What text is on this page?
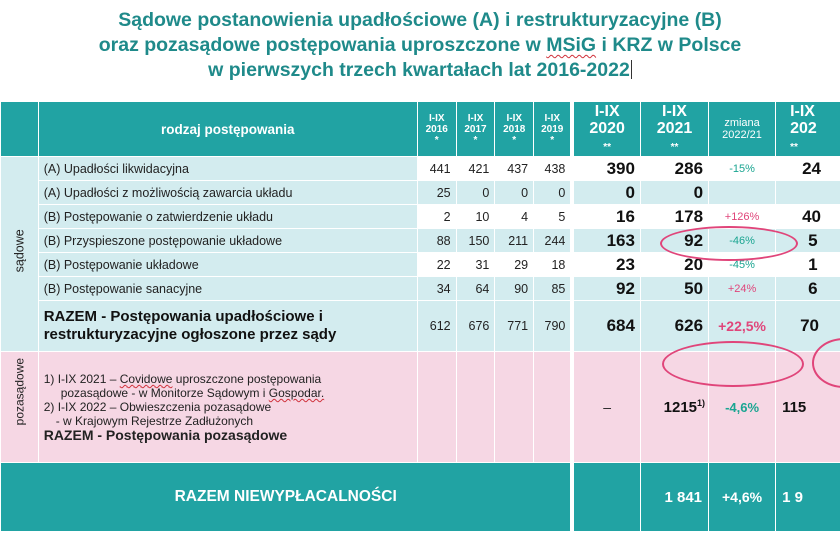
Sądowe postanowienia upadłościowe (A) i restrukturyzacyjne (B)
oraz pozasądowe postępowania uproszczone w MSiG i KRZ w Polsce
w pierwszych trzech kwartałach lat 2016-2022
	rodzaj postępowania	I-IX
2016
*	I-IX
2017
*	I-IX
2018
*	I-IX
2019
*	I-IX
2020
**	I-IX
2021
**	zmiana
2022/21	I-IX
202
**

sądowe	(A) Upadłości likwidacyjna	441	421	437	438	390	286	-15%	24
	(A) Upadłości z możliwością zawarcia układu	25	0	0	0	0	0		
	(B) Postępowanie o zatwierdzenie układu	2	10	4	5	16	178	+126%	40
	(B) Przyspieszone postępowanie układowe	88	150	211	244	163	92	-46%	5
	(B) Postępowanie układowe	22	31	29	18	23	20	-45%	1
	(B) Postępowanie sanacyjne	34	64	90	85	92	50	+24%	6
	RAZEM - Postępowania upadłościowe i
restrukturyzacyjne ogłoszone przez sądy	612	676	771	790	684	626	+22,5%	70

pozasądowe	1) I-IX 2021 – Covidowe uproszczone postępowania
pozasądowe - w Monitorze Sądowym i Gospodar.
2) I-IX 2022 – Obwieszczenia pozasądowe
- w Krajowym Rejestrze Zadłużonych
RAZEM - Postępowania pozasądowe					–	1215$^{1)}$	-4,6%	115
RAZEM NIEWYPŁACALNOŚCI							1 841	+4,6%	1 9
